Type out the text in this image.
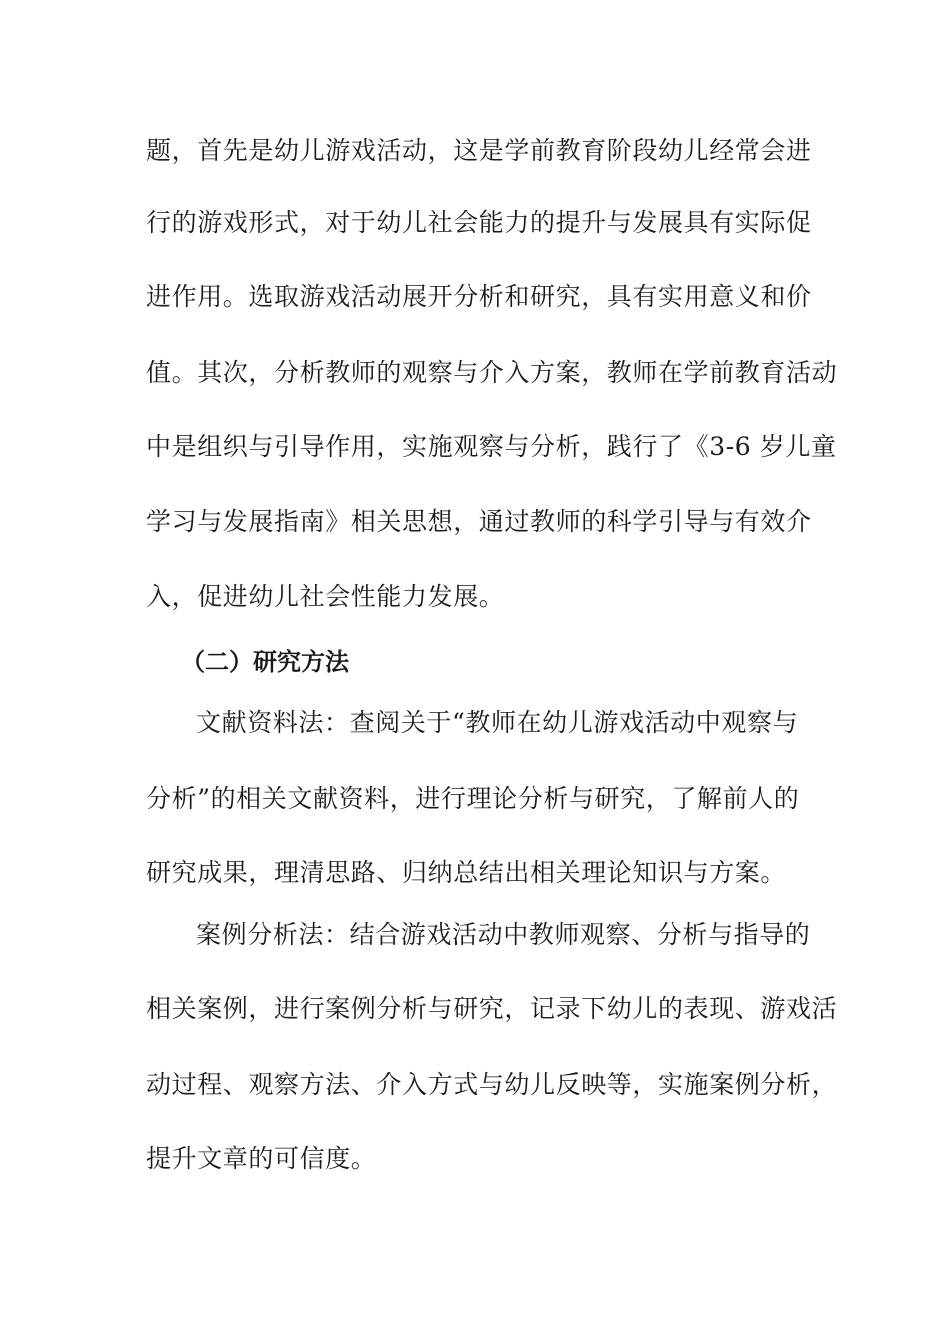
题，首先是幼儿游戏活动，这是学前教育阶段幼儿经常会进
行的游戏形式，对于幼儿社会能力的提升与发展具有实际促
进作用。选取游戏活动展开分析和研究，具有实用意义和价
值。其次，分析教师的观察与介入方案，教师在学前教育活动
中是组织与引导作用，实施观察与分析，践行了《3-6 岁儿童
学习与发展指南》相关思想，通过教师的科学引导与有效介
入，促进幼儿社会性能力发展。
（二）研究方法
文献资料法：查阅关于“教师在幼儿游戏活动中观察与
分析”的相关文献资料，进行理论分析与研究，了解前人的
研究成果，理清思路、归纳总结出相关理论知识与方案。
案例分析法：结合游戏活动中教师观察、分析与指导的
相关案例，进行案例分析与研究，记录下幼儿的表现、游戏活
动过程、观察方法、介入方式与幼儿反映等，实施案例分析，
提升文章的可信度。
